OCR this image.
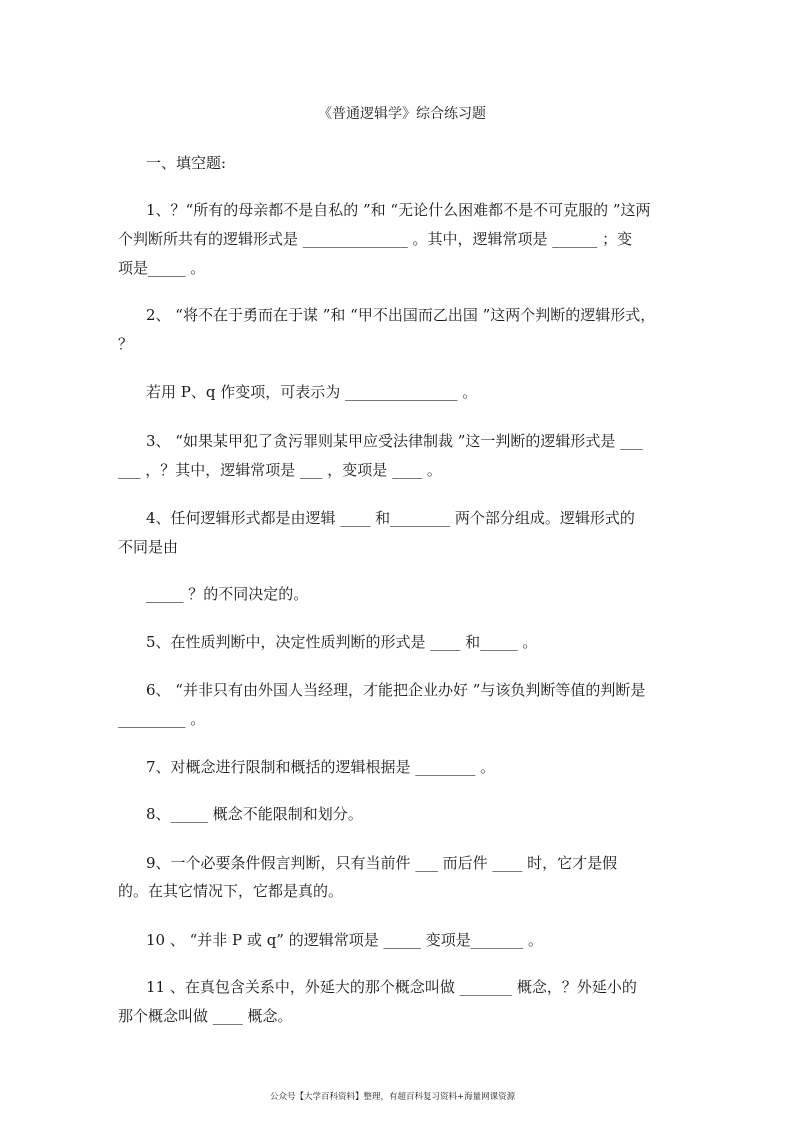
《普通逻辑学》综合练习题
一、填空题:
1、？“所有的母亲都不是自私的 ”和 “无论什么困难都不是不可克服的 ”这两
个判断所共有的逻辑形式是 ______________ 。其中，逻辑常项是 ______ ；变
项是_____ 。
2、 “将不在于勇而在于谋 ”和 “甲不出国而乙出国 ”这两个判断的逻辑形式，
？
若用 P、q 作变项，可表示为 _______________ 。
3、 “如果某甲犯了贪污罪则某甲应受法律制裁 ”这一判断的逻辑形式是 ___
___ ，？其中，逻辑常项是 ___ ，变项是 ____ 。
4、任何逻辑形式都是由逻辑 ____ 和________ 两个部分组成。逻辑形式的
不同是由
_____ ？的不同决定的。
5、在性质判断中，决定性质判断的形式是 ____ 和_____ 。
6、 “并非只有由外国人当经理，才能把企业办好 ”与该负判断等值的判断是
_________ 。
7、对概念进行限制和概括的逻辑根据是 ________ 。
8、_____ 概念不能限制和划分。
9、一个必要条件假言判断，只有当前件 ___ 而后件 ____ 时，它才是假
的。在其它情况下，它都是真的。
10 、 “并非 P 或 q” 的逻辑常项是 _____ 变项是_______ 。
11 、在真包含关系中，外延大的那个概念叫做 _______ 概念，？外延小的
那个概念叫做 ____ 概念。
公众号【大学百科资料】整理，有超百科复习资料+海量网课资源
